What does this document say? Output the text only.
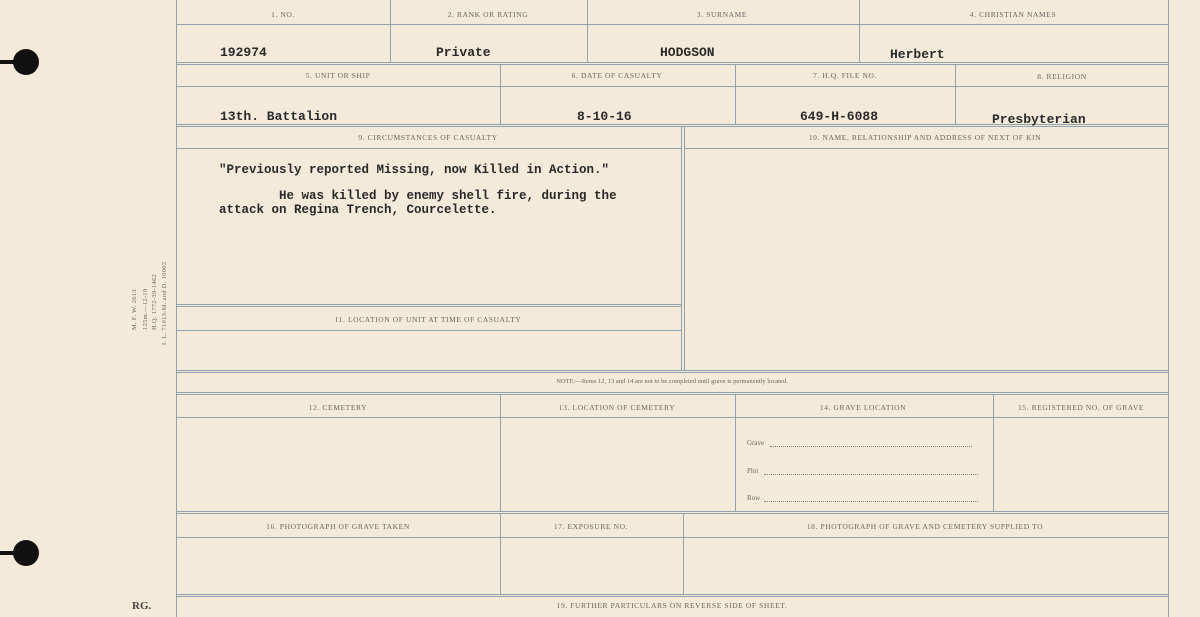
M. F. W. 2613 125m.—12-19 H.Q. 1772-39-1462 I. L. 71013-M. and D. 10002
RG.
1. NO.	2. RANK OR RATING	3. SURNAME	4. CHRISTIAN NAMES
192974	Private	HODGSON	Herbert
5. UNIT OR SHIP	6. DATE OF CASUALTY	7. H.Q. FILE NO.	8. RELIGION
13th. Battalion	8-10-16	649-H-6088	Presbyterian
9. CIRCUMSTANCES OF CASUALTY
"Previously reported Missing, now Killed in Action."
He was killed by enemy shell fire, during the
attack on Regina Trench, Courcelette.
10. NAME, RELATIONSHIP AND ADDRESS OF NEXT OF KIN
11. LOCATION OF UNIT AT TIME OF CASUALTY
NOTE:—Items 12, 13 and 14 are not to be completed until grave is permanently located.
12. CEMETERY	13. LOCATION OF CEMETERY	14. GRAVE LOCATION	15. REGISTERED NO. OF GRAVE
Grave
Plot
Row
16. PHOTOGRAPH OF GRAVE TAKEN	17. EXPOSURE NO.	18. PHOTOGRAPH OF GRAVE AND CEMETERY SUPPLIED TO
19. FURTHER PARTICULARS ON REVERSE SIDE OF SHEET.
